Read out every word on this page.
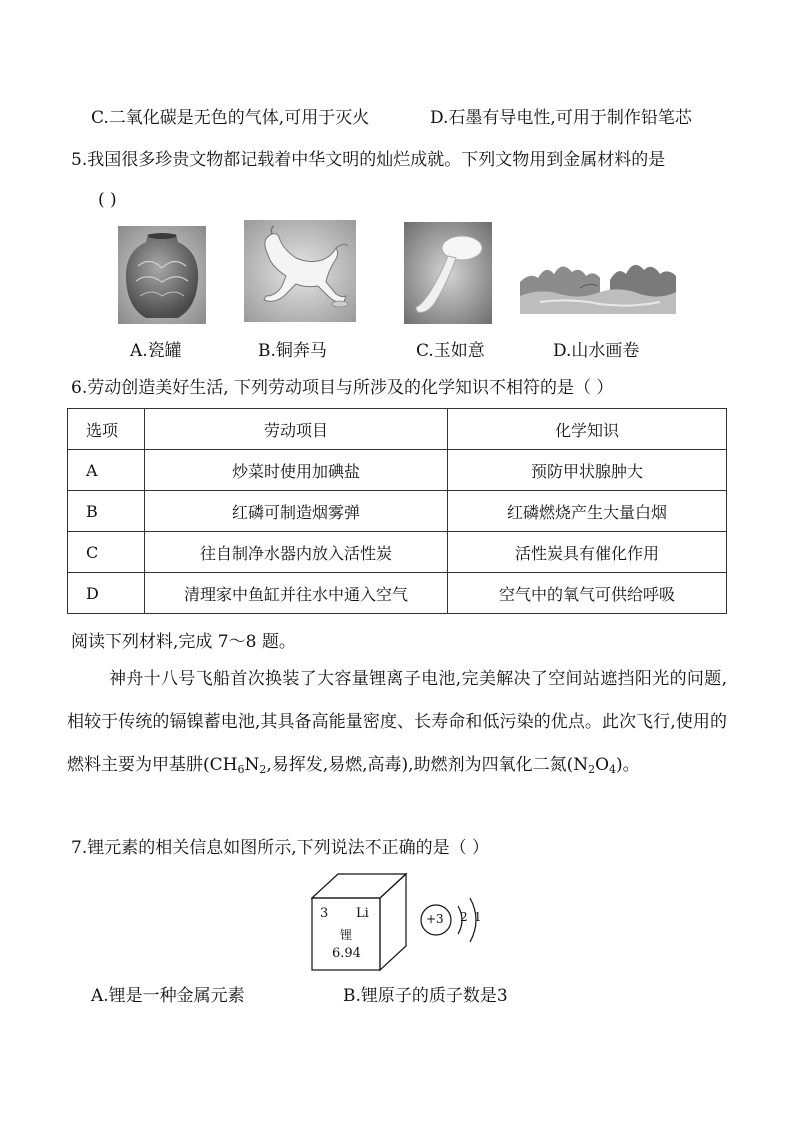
C.二氧化碳是无色的气体,可用于灭火	D.石墨有导电性,可用于制作铅笔芯
5.我国很多珍贵文物都记载着中华文明的灿烂成就。下列文物用到金属材料的是
( )
A.瓷罐	B.铜奔马	C.玉如意	D.山水画卷
6.劳动创造美好生活, 下列劳动项目与所涉及的化学知识不相符的是（ ）
选项	劳动项目	化学知识
A	炒菜时使用加碘盐	预防甲状腺肿大
B	红磷可制造烟雾弹	红磷燃烧产生大量白烟
C	往自制净水器内放入活性炭	活性炭具有催化作用
D	清理家中鱼缸并往水中通入空气	空气中的氧气可供给呼吸
阅读下列材料,完成 7～8 题。

神舟十八号飞船首次换装了大容量锂离子电池,完美解决了空间站遮挡阳光的问题,相较于传统的镉镍蓄电池,其具备高能量密度、长寿命和低污染的优点。此次飞行,使用的燃料主要为甲基肼($CH_6N_2$,易挥发,易燃,高毒),助燃剂为四氧化二氮$(N_2O_4)$。

7.锂元素的相关信息如图所示,下列说法不正确的是（ ）
3 Li
锂
6.94
+3 2 1
A.锂是一种金属元素	B.锂原子的质子数是3
